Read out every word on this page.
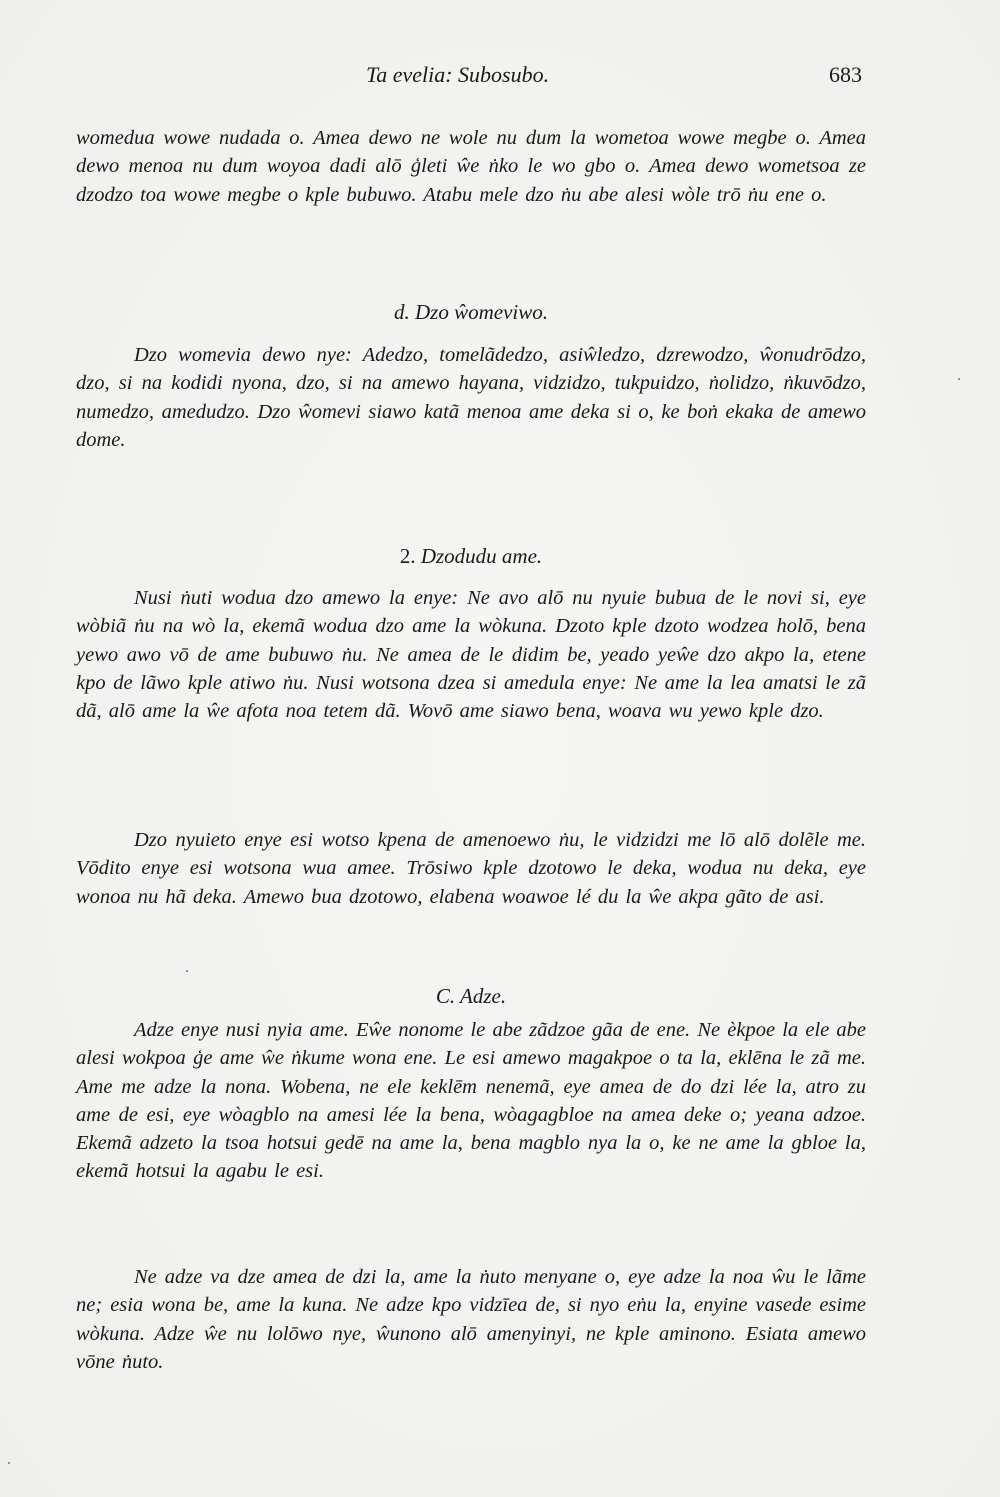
Ta evelia: Subosubo.	683
womedua wowe nudada o. Amea dewo ne wole nu dum la wometoa wowe megbe o. Amea dewo menoa nu dum woyoa dadi alō ģleti ŵe ṅko le wo gbo o. Amea dewo wometsoa ze dzodzo toa wowe megbe o kple bubuwo. Atabu mele dzo ṅu abe alesi wòle trō ṅu ene o.
d. Dzo ŵomeviwo.
Dzo womevia dewo nye: Adedzo, tomelãdedzo, asiŵledzo, dzrewodzo, ŵonudrōdzo, dzo, si na kodidi nyona, dzo, si na amewo hayana, vidzidzo, tukpuidzo, ṅolidzo, ṅkuvōdzo, numedzo, amedudzo. Dzo ŵomevi siawo katã menoa ame deka si o, ke boṅ ekaka de amewo dome.
2. Dzodudu ame.
Nusi ṅuti wodua dzo amewo la enye: Ne avo alō nu nyuie bubua de le novi si, eye wòbiã ṅu na wò la, ekemã wodua dzo ame la wòkuna. Dzoto kple dzoto wodzea holō, bena yewo awo vō de ame bubuwo ṅu. Ne amea de le didim be, yeado yeŵe dzo akpo la, etene kpo de lãwo kple atiwo ṅu. Nusi wotsona dzea si amedula enye: Ne ame la lea amatsi le zã dã, alō ame la ŵe afota noa tetem dã. Wovō ame siawo bena, woava wu yewo kple dzo.
Dzo nyuieto enye esi wotso kpena de amenoewo ṅu, le vidzidzi me lō alō dolẽle me. Vōdito enye esi wotsona wua amee. Trōsiwo kple dzotowo le deka, wodua nu deka, eye wonoa nu hã deka. Amewo bua dzotowo, elabena woawoe lé du la ŵe akpa gãto de asi.
C. Adze.
Adze enye nusi nyia ame. Eŵe nonome le abe zãdzoe gãa de ene. Ne èkpoe la ele abe alesi wokpoa ģe ame ŵe ṅkume wona ene. Le esi amewo magakpoe o ta la, eklēna le zã me. Ame me adze la nona. Wobena, ne ele keklēm nenemã, eye amea de do dzi lée la, atro zu ame de esi, eye wòagblo na amesi lée la bena, wòagagbloe na amea deke o; yeana adzoe. Ekemã adzeto la tsoa hotsui gedē na ame la, bena magblo nya la o, ke ne ame la gbloe la, ekemã hotsui la agabu le esi.
Ne adze va dze amea de dzi la, ame la ṅuto menyane o, eye adze la noa ŵu le lãme ne; esia wona be, ame la kuna. Ne adze kpo vidzīea de, si nyo eṅu la, enyine vasede esime wòkuna. Adze ŵe nu lolōwo nye, ŵunono alō amenyinyi, ne kple aminono. Esiata amewo vōne ṅuto.
